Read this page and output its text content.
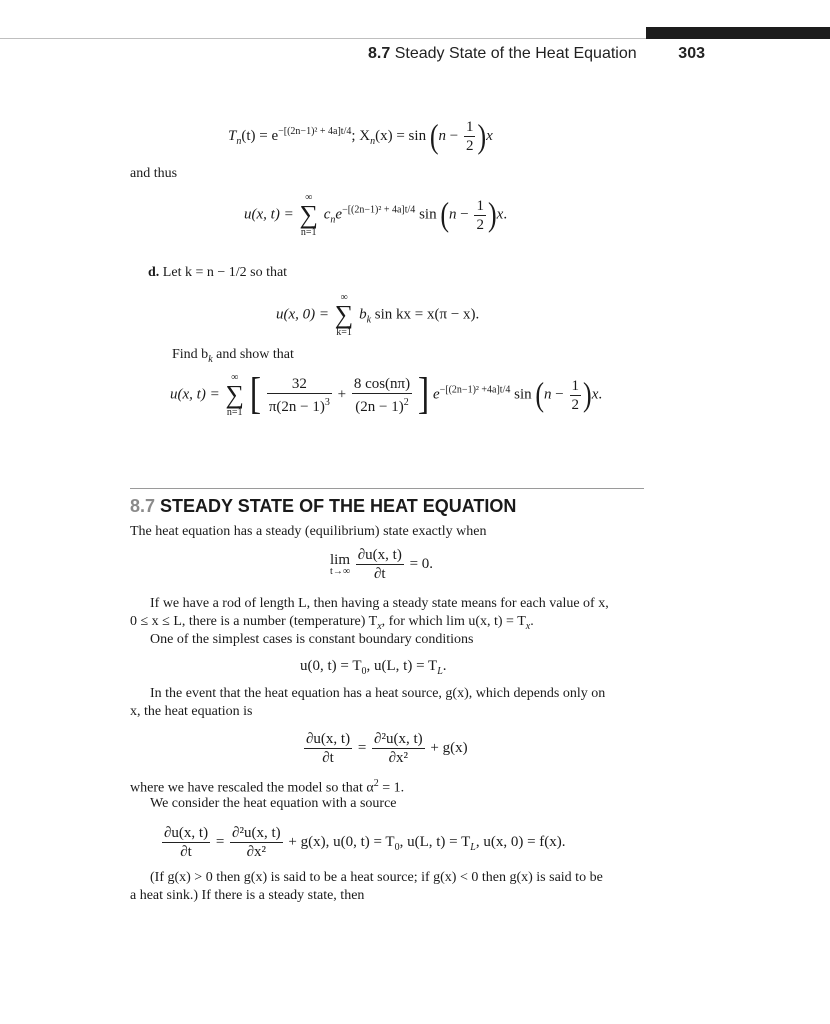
8.7 Steady State of the Heat Equation	303
$T_n(t) = e^{-[(2n-1)^2 + 4a]t/4}$; $X_n(x) = \sin (n - \frac{1}{2} )x$
and thus
u(x, t) =
∞
∑
n=1
$c_ne^{-[(2n-1)^2 + 4a]t/4}$ $\sin (n - \frac{1}{2} )x$.
d. Let k = n − 1/2 so that
u(x, 0) =
∞
∑
k=1
$b_k$ sin kx = x(π − x).
Find $b_k$ and show that
u(x, t) =
∞
∑
n=1 [ $\frac{32}{\pi(2n - 1)^3} + \frac{8 \cos(n\pi)}{(2n - 1)^2}$ ] $e^{-[(2n-1)^2 +4a]t/4}$ $\sin (n - \frac{1}{2} )x$.
8.7 STEADY STATE OF THE HEAT EQUATION
The heat equation has a steady (equilibrium) state exactly when
lim
t→∞
$\frac{\partial u(x, t)}{\partial t} = 0$.
If we have a rod of length L, then having a steady state means for each value of x,
0 ≤ x ≤ L, there is a number (temperature) $T_x$, for which lim u(x, $t) = T_x$.
One of the simplest cases is constant boundary conditions
u(0, $t) = T_0$, u(L, $t) = T_L$.
In the event that the heat equation has a heat source, g(x), which depends only on
x, the heat equation is
$\frac{\partial u(x, t)}{\partial t} = \frac{\text{∂²u(x, t)}}{\text{∂x²}} + g(x)$
where we have rescaled the model so that $\alpha^2 = 1$.
We consider the heat equation with a source
$\frac{\partial u(x, t)}{\partial t} = \frac{\text{∂²u(x, t)}}{\text{∂x²}} + g(x)$, u(0, $t) = T_0$, u(L, $t) = T_L$, u(x, 0) = f(x).
(If g(x) > 0 then g(x) is said to be a heat source; if g(x) < 0 then g(x) is said to be
a heat sink.) If there is a steady state, then
